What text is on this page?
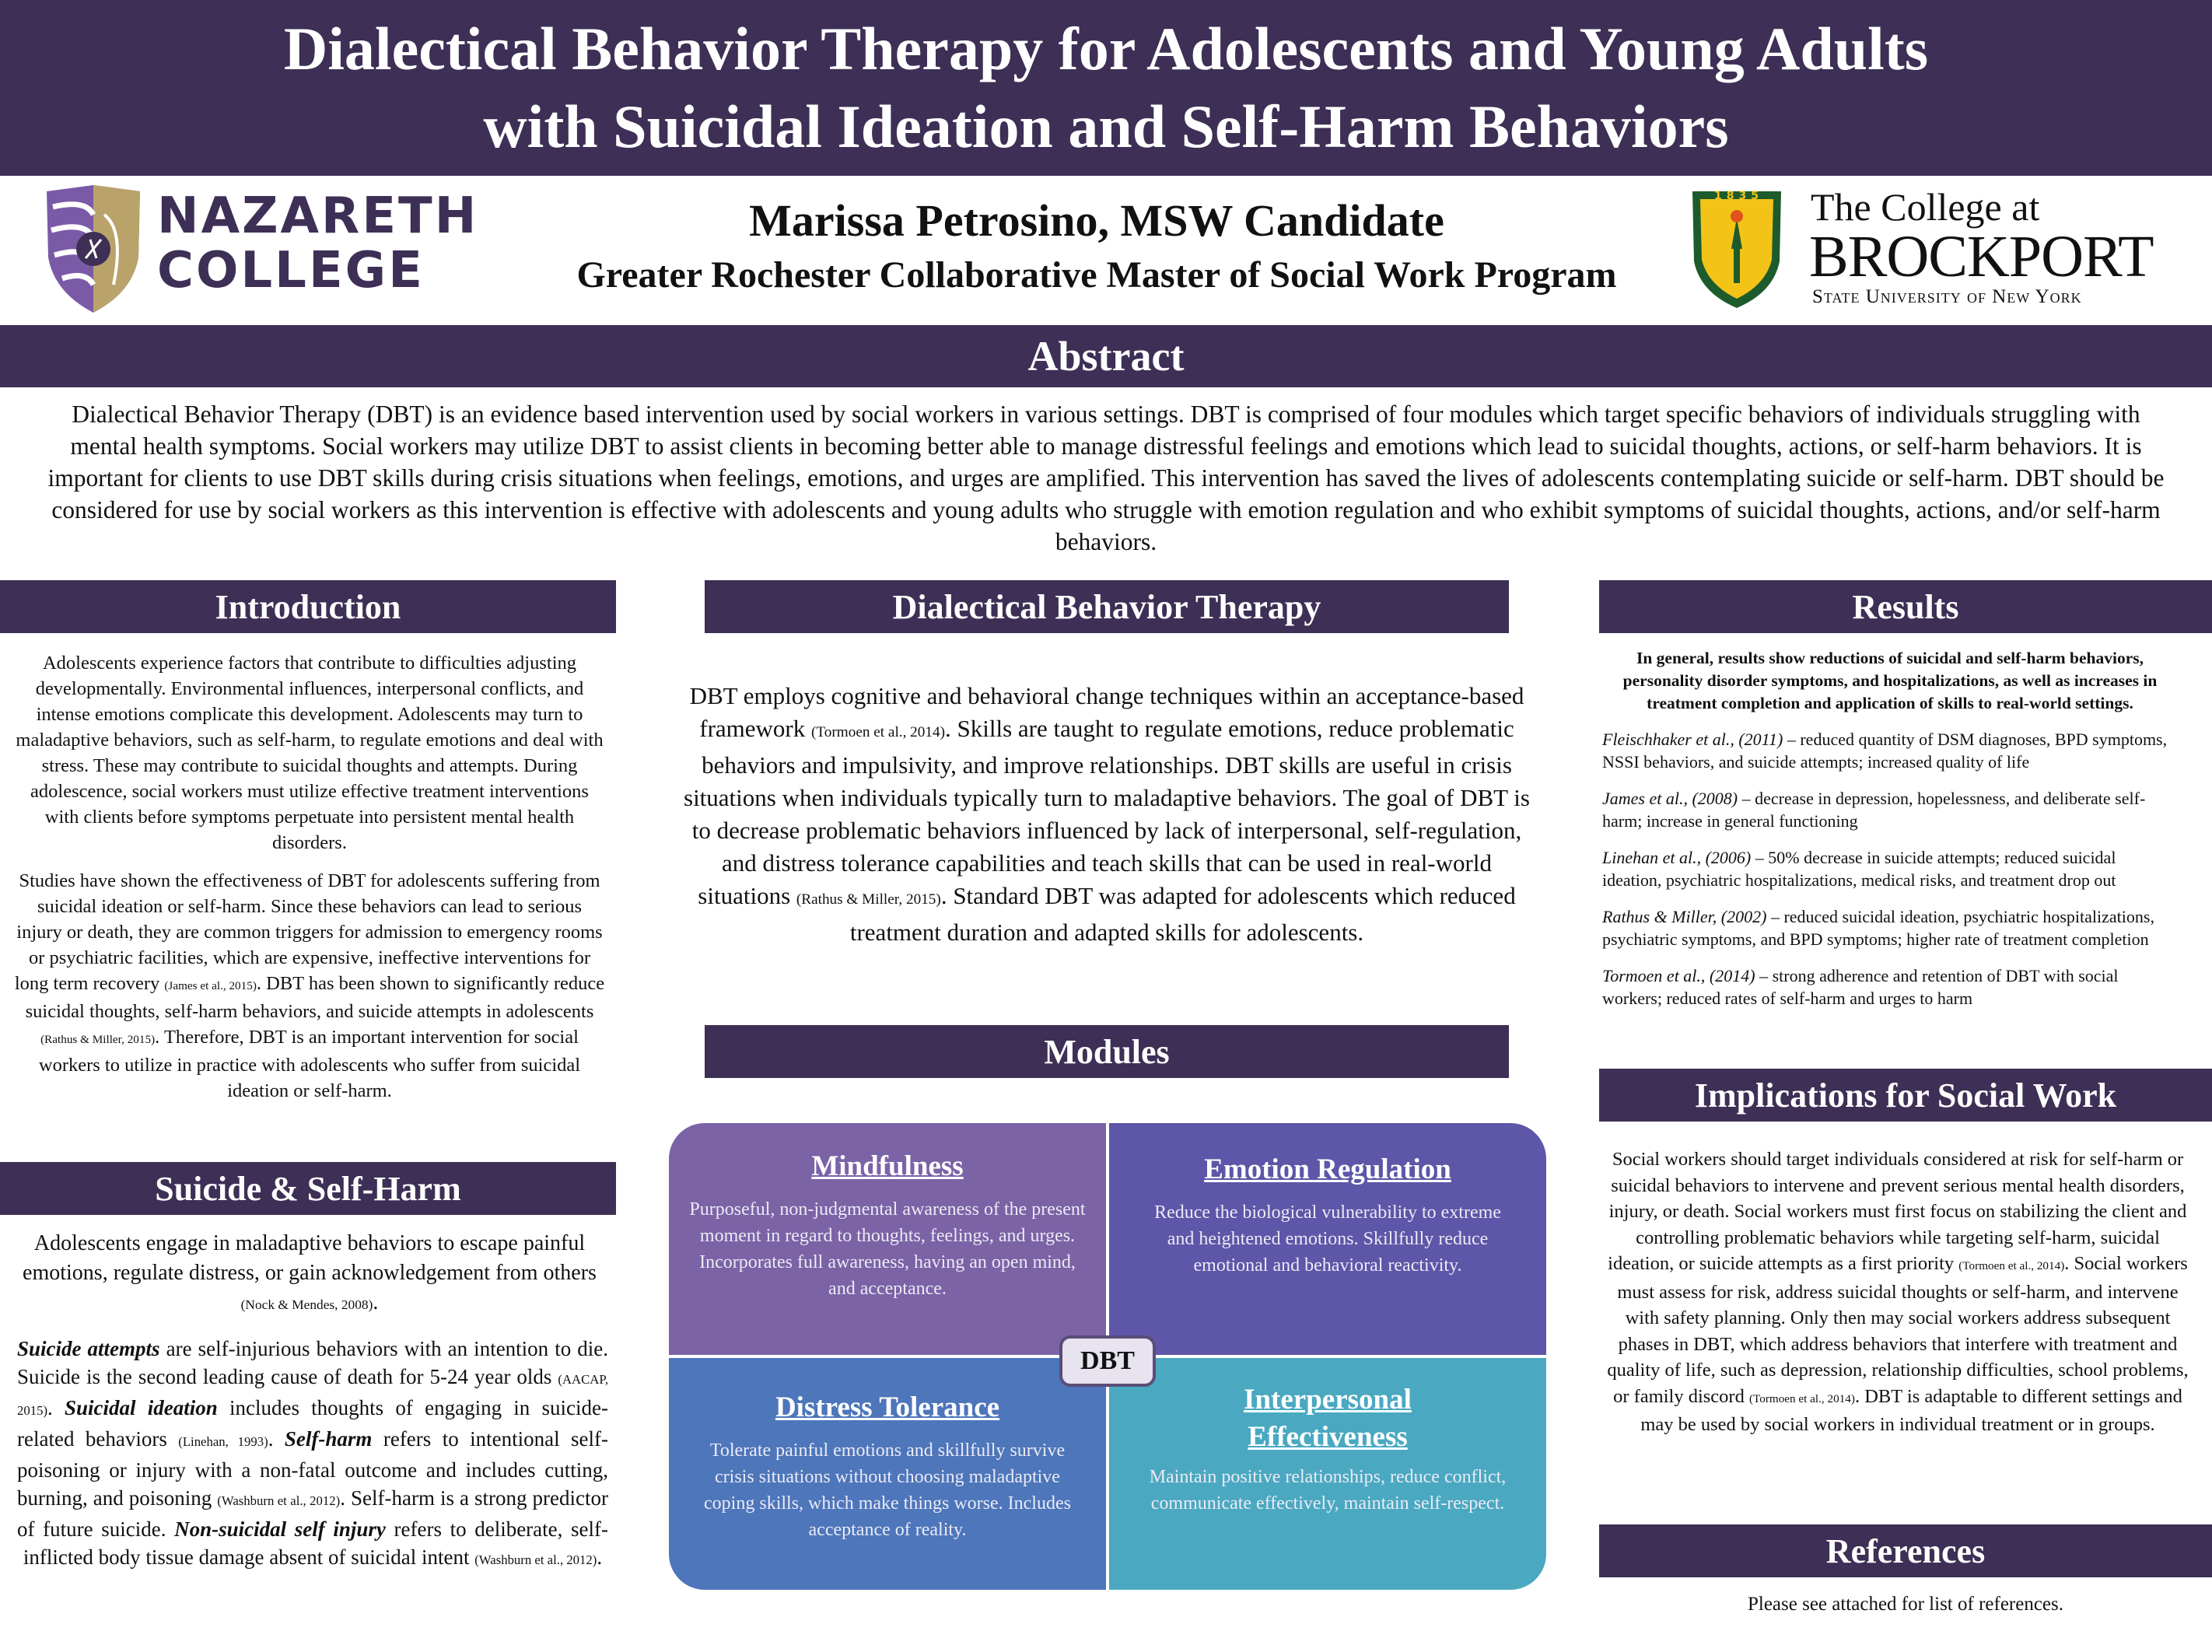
Dialectical Behavior Therapy for Adolescents and Young Adults
with Suicidal Ideation and Self-Harm Behaviors
NAZARETH
COLLEGE
Marissa Petrosino, MSW Candidate
Greater Rochester Collaborative Master of Social Work Program
1835 The College at
BROCKPORT
State University of New York
Abstract
Dialectical Behavior Therapy (DBT) is an evidence based intervention used by social workers in various settings. DBT is comprised of four modules which target specific behaviors of individuals struggling with mental health symptoms. Social workers may utilize DBT to assist clients in becoming better able to manage distressful feelings and emotions which lead to suicidal thoughts, actions, or self-harm behaviors. It is important for clients to use DBT skills during crisis situations when feelings, emotions, and urges are amplified. This intervention has saved the lives of adolescents contemplating suicide or self-harm. DBT should be considered for use by social workers as this intervention is effective with adolescents and young adults who struggle with emotion regulation and who exhibit symptoms of suicidal thoughts, actions, and/or self-harm behaviors.
Introduction

Adolescents experience factors that contribute to difficulties adjusting developmentally. Environmental influences, interpersonal conflicts, and intense emotions complicate this development. Adolescents may turn to maladaptive behaviors, such as self-harm, to regulate emotions and deal with stress. These may contribute to suicidal thoughts and attempts. During adolescence, social workers must utilize effective treatment interventions with clients before symptoms perpetuate into persistent mental health disorders.

Studies have shown the effectiveness of DBT for adolescents suffering from suicidal ideation or self-harm. Since these behaviors can lead to serious injury or death, they are common triggers for admission to emergency rooms or psychiatric facilities, which are expensive, ineffective interventions for long term recovery (James et al., 2015). DBT has been shown to significantly reduce suicidal thoughts, self-harm behaviors, and suicide attempts in adolescents (Rathus & Miller, 2015). Therefore, DBT is an important intervention for social workers to utilize in practice with adolescents who suffer from suicidal ideation or self-harm.

Suicide & Self-Harm
Adolescents engage in maladaptive behaviors to escape painful emotions, regulate distress, or gain acknowledgement from others (Nock & Mendes, 2008).
Suicide attempts are self-injurious behaviors with an intention to die. Suicide is the second leading cause of death for 5-24 year olds (AACAP, 2015). Suicidal ideation includes thoughts of engaging in suicide-related behaviors (Linehan, 1993). Self-harm refers to intentional self-poisoning or injury with a non-fatal outcome and includes cutting, burning, and poisoning (Washburn et al., 2012). Self-harm is a strong predictor of future suicide. Non-suicidal self injury refers to deliberate, self-inflicted body tissue damage absent of suicidal intent (Washburn et al., 2012).
Dialectical Behavior Therapy
DBT employs cognitive and behavioral change techniques within an acceptance-based framework (Tormoen et al., 2014). Skills are taught to regulate emotions, reduce problematic behaviors and impulsivity, and improve relationships. DBT skills are useful in crisis situations when individuals typically turn to maladaptive behaviors. The goal of DBT is to decrease problematic behaviors influenced by lack of interpersonal, self-regulation, and distress tolerance capabilities and teach skills that can be used in real-world situations (Rathus & Miller, 2015). Standard DBT was adapted for adolescents which reduced treatment duration and adapted skills for adolescents.
Modules
Mindfulness
Purposeful, non-judgmental awareness of the present moment in regard to thoughts, feelings, and urges. Incorporates full awareness, having an open mind, and acceptance.
Emotion Regulation
Reduce the biological vulnerability to extreme and heightened emotions. Skillfully reduce emotional and behavioral reactivity.
Distress Tolerance
Tolerate painful emotions and skillfully survive crisis situations without choosing maladaptive coping skills, which make things worse. Includes acceptance of reality.
Interpersonal
Effectiveness
Maintain positive relationships, reduce conflict, communicate effectively, maintain self-respect.
DBT
Results
In general, results show reductions of suicidal and self-harm behaviors, personality disorder symptoms, and hospitalizations, as well as increases in treatment completion and application of skills to real-world settings.

Fleischhaker et al., (2011) – reduced quantity of DSM diagnoses, BPD symptoms, NSSI behaviors, and suicide attempts; increased quality of life

James et al., (2008) – decrease in depression, hopelessness, and deliberate self-harm; increase in general functioning

Linehan et al., (2006) – 50% decrease in suicide attempts; reduced suicidal ideation, psychiatric hospitalizations, medical risks, and treatment drop out

Rathus & Miller, (2002) – reduced suicidal ideation, psychiatric hospitalizations, psychiatric symptoms, and BPD symptoms; higher rate of treatment completion

Tormoen et al., (2014) – strong adherence and retention of DBT with social workers; reduced rates of self-harm and urges to harm

Implications for Social Work
Social workers should target individuals considered at risk for self-harm or suicidal behaviors to intervene and prevent serious mental health disorders, injury, or death. Social workers must first focus on stabilizing the client and controlling problematic behaviors while targeting self-harm, suicidal ideation, or suicide attempts as a first priority (Tormoen et al., 2014). Social workers must assess for risk, address suicidal thoughts or self-harm, and intervene with safety planning. Only then may social workers address subsequent phases in DBT, which address behaviors that interfere with treatment and quality of life, such as depression, relationship difficulties, school problems, or family discord (Tormoen et al., 2014). DBT is adaptable to different settings and may be used by social workers in individual treatment or in groups.
References
Please see attached for list of references.
